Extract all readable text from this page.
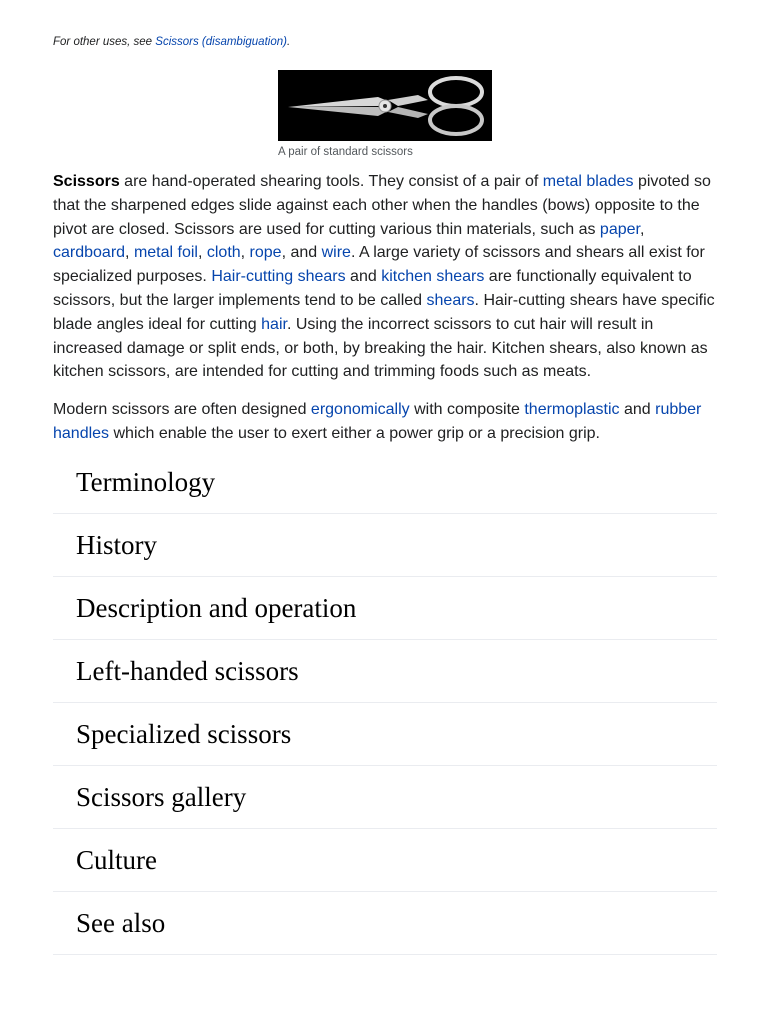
For other uses, see Scissors (disambiguation).
A pair of standard scissors
Scissors are hand-operated shearing tools. They consist of a pair of metal blades pivoted so that the sharpened edges slide against each other when the handles (bows) opposite to the pivot are closed. Scissors are used for cutting various thin materials, such as paper, cardboard, metal foil, cloth, rope, and wire. A large variety of scissors and shears all exist for specialized purposes. Hair-cutting shears and kitchen shears are functionally equivalent to scissors, but the larger implements tend to be called shears. Hair-cutting shears have specific blade angles ideal for cutting hair. Using the incorrect scissors to cut hair will result in increased damage or split ends, or both, by breaking the hair. Kitchen shears, also known as kitchen scissors, are intended for cutting and trimming foods such as meats.
Modern scissors are often designed ergonomically with composite thermoplastic and rubber handles which enable the user to exert either a power grip or a precision grip.
Terminology
History
Description and operation
Left-handed scissors
Specialized scissors
Scissors gallery
Culture
See also
